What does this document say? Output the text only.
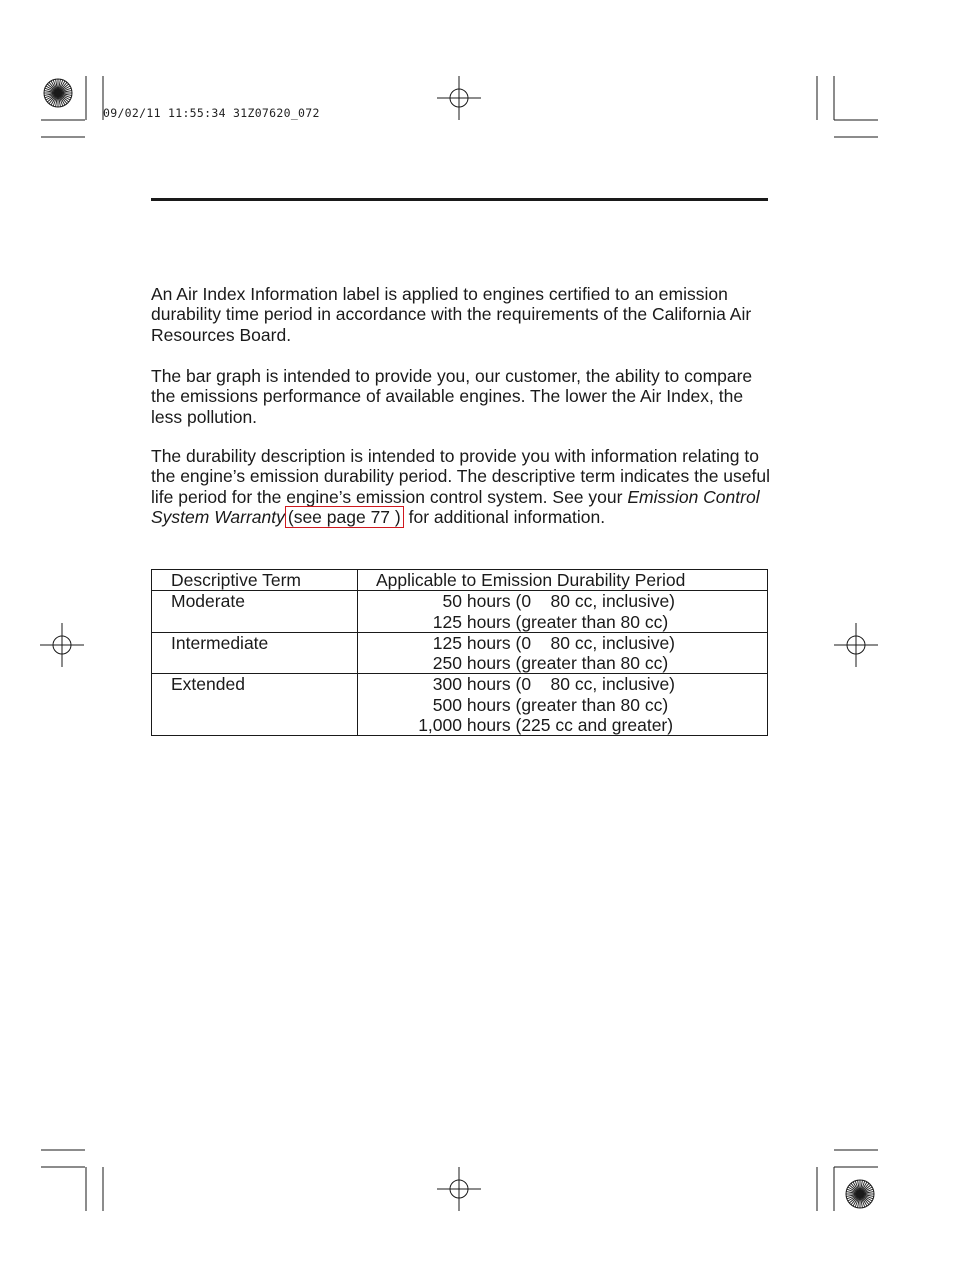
09/02/11 11:55:34 31Z07620_072

An Air Index Information label is applied to engines certified to an emission durability time period in accordance with the requirements of the California Air Resources Board.

The bar graph is intended to provide you, our customer, the ability to compare the emissions performance of available engines. The lower the Air Index, the less pollution.

The durability description is intended to provide you with information relating to the engine’s emission durability period. The descriptive term indicates the useful life period for the engine’s emission control system. See your Emission Control System Warranty (see page 77 ) for additional information.

Descriptive Term	Applicable to Emission Durability Period
Moderate	50 hours (0    80 cc, inclusive)
125 hours (greater than 80 cc)

Intermediate	125 hours (0    80 cc, inclusive)
250 hours (greater than 80 cc)

Extended	300 hours (0    80 cc, inclusive)
500 hours (greater than 80 cc)
1,000 hours (225 cc and greater)
